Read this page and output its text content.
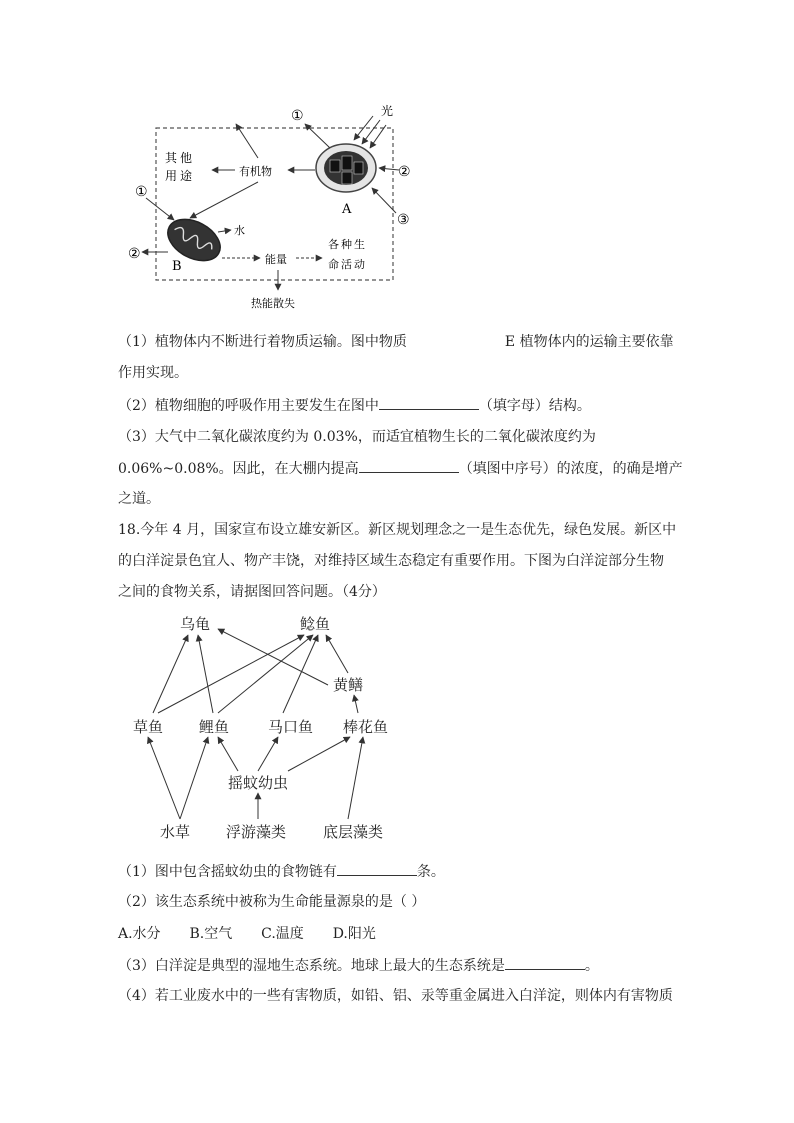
光
①
②
③
A
有机物
其他
用途
①
②
B
水
能量
各种生
命活动
热能散失
（1）植物体内不断进行着物质运输。图中物质	E 植物体内的运输主要依靠
作用实现。
（2）植物细胞的呼吸作用主要发生在图中	（填字母）结构。
（3）大气中二氧化碳浓度约为 0.03%，而适宜植物生长的二氧化碳浓度约为
0.06%~0.08%。因此，在大棚内提高	（填图中序号）的浓度，的确是增产
之道。
18.今年 4 月，国家宣布设立雄安新区。新区规划理念之一是生态优先，绿色发展。新区中
的白洋淀景色宜人、物产丰饶，对维持区域生态稳定有重要作用。下图为白洋淀部分生物
之间的食物关系，请据图回答问题。（4分）
乌龟	鲶鱼
黄鳝
草鱼 鲤鱼	马口鱼 棒花鱼
摇蚊幼虫
水草 浮游藻类 底层藻类
（1）图中包含摇蚊幼虫的食物链有	条。
（2）该生态系统中被称为生命能量源泉的是（ ）
A.水分 B.空气 C.温度 D.阳光
（3）白洋淀是典型的湿地生态系统。地球上最大的生态系统是	。
（4）若工业废水中的一些有害物质，如铅、铝、汞等重金属进入白洋淀，则体内有害物质
